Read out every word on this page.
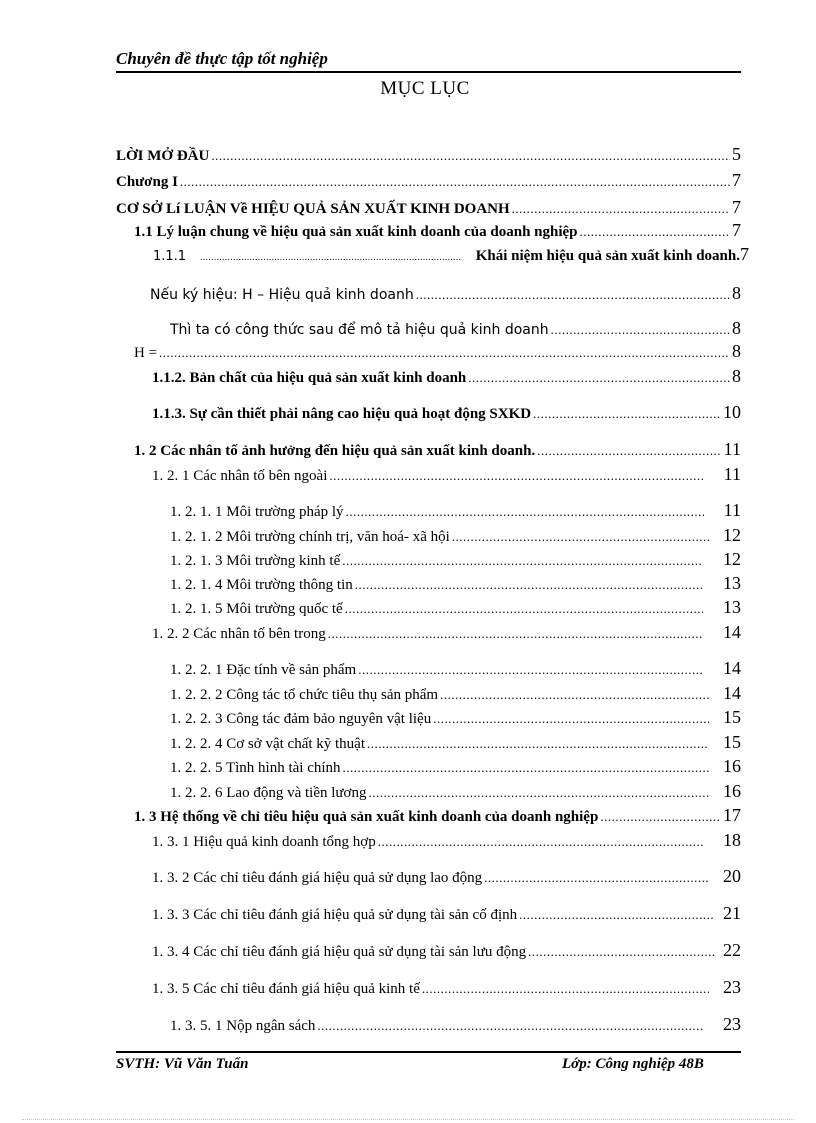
Chuyên đề thực tập tốt nghiệp
MỤC LỤC
LỜI MỞ ĐẦU .....	5
Chương I .....	7
CƠ SỞ Lí LUẬN Về HIỆU QUẢ SẢN XUẤT KINH DOANH .....	7
1.1 Lý luận chung về hiệu quả sản xuất kinh doanh của doanh nghiệp .....	7
1.1.1 .....	Khái niệm hiệu quả sản xuất kinh doanh. 7
Nếu ký hiệu: H – Hiệu quả kinh doanh .....	8
Thì ta có công thức sau để mô tả hiệu quả kinh doanh .....	8
H = .....	8
1.1.2. Bản chất của hiệu quả sản xuất kinh doanh .....	8
1.1.3. Sự cần thiết phải nâng cao hiệu quả hoạt động SXKD .....	10
1. 2 Các nhân tố ảnh hưởng đến hiệu quả sản xuất kinh doanh. .....	11
1. 2. 1 Các nhân tố bên ngoài .....	11
1. 2. 1. 1 Môi trường pháp lý .....	11
1. 2. 1. 2 Môi trường chính trị, văn hoá- xã hội .....	12
1. 2. 1. 3 Môi trường kinh tế .....	12
1. 2. 1. 4 Môi trường thông tin .....	13
1. 2. 1. 5 Môi trường quốc tế .....	13
1. 2. 2 Các nhân tố bên trong .....	14
1. 2. 2. 1 Đặc tính về sản phẩm .....	14
1. 2. 2. 2 Công tác tổ chức tiêu thụ sản phẩm .....	14
1. 2. 2. 3 Công tác đảm bảo nguyên vật liệu .....	15
1. 2. 2. 4 Cơ sở vật chất kỹ thuật .....	15
1. 2. 2. 5 Tình hình tài chính .....	16
1. 2. 2. 6 Lao động và tiền lương .....	16
1. 3 Hệ thống về chỉ tiêu hiệu quả sản xuất kinh doanh của doanh nghiệp .....	17
1. 3. 1 Hiệu quả kinh doanh tổng hợp .....	18
1. 3. 2 Các chỉ tiêu đánh giá hiệu quả sử dụng lao động .....	20
1. 3. 3 Các chỉ tiêu đánh giá hiệu quả sử dụng tài sản cố định .....	21
1. 3. 4 Các chỉ tiêu đánh giá hiệu quả sử dụng tài sản lưu động .....	22
1. 3. 5 Các chỉ tiêu đánh giá hiệu quả kinh tế .....	23
1. 3. 5. 1 Nộp ngân sách .....	23
SVTH: Vũ Văn Tuấn	Lớp: Công nghiệp 48B
